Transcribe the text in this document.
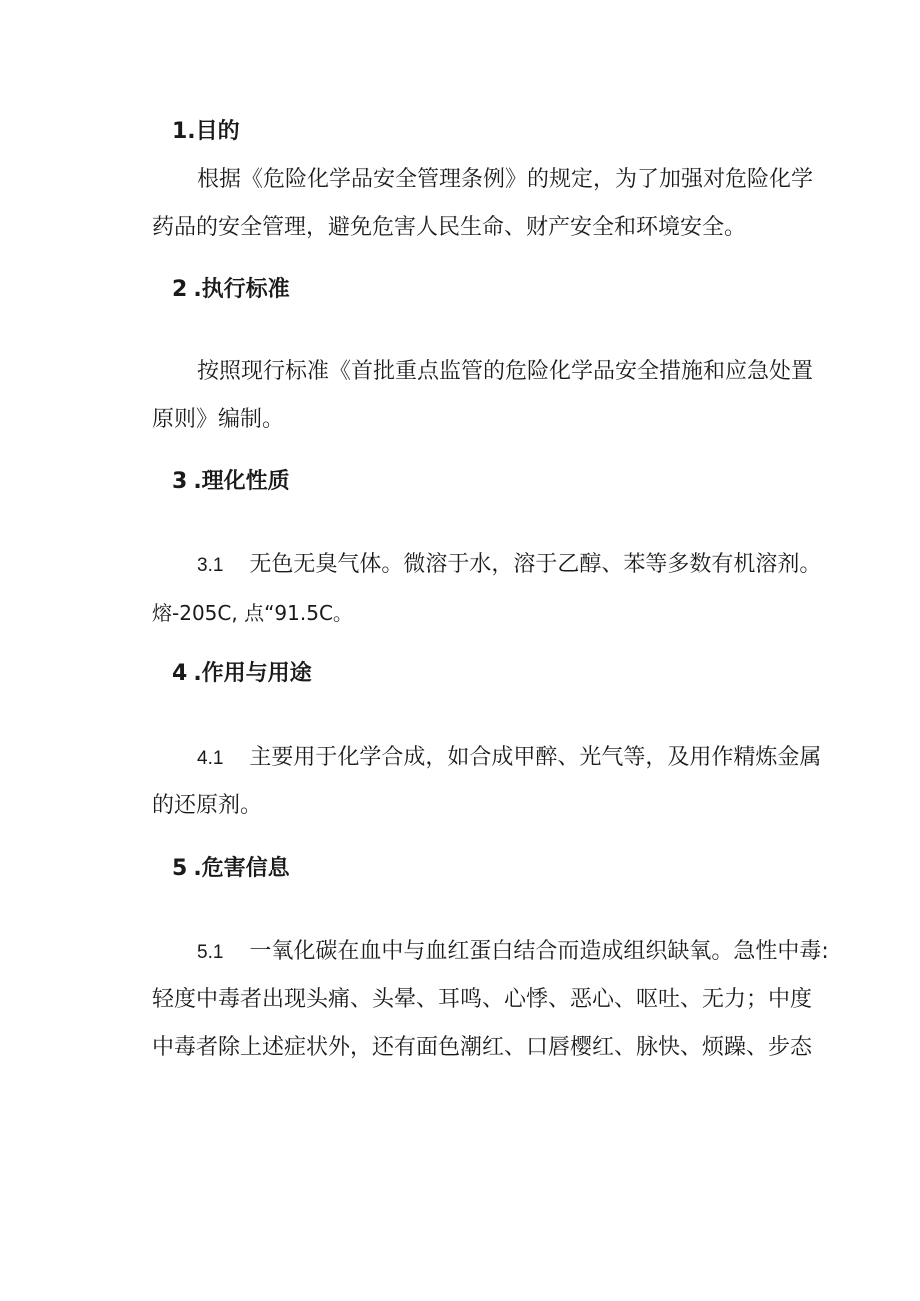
1.目的
根据《危险化学品安全管理条例》的规定，为了加强对危险化学
药品的安全管理，避免危害人民生命、财产安全和环境安全。
2 .执行标准
按照现行标准《首批重点监管的危险化学品安全措施和应急处置
原则》编制。
3 .理化性质
3.1 无色无臭气体。微溶于水，溶于乙醇、苯等多数有机溶剂。
熔-205C, 点“91.5C。
4 .作用与用途
4.1 主要用于化学合成，如合成甲醉、光气等，及用作精炼金属
的还原剂。
5 .危害信息
5.1 一氧化碳在血中与血红蛋白结合而造成组织缺氧。急性中毒:
轻度中毒者出现头痛、头晕、耳鸣、心悸、恶心、呕吐、无力；中度
中毒者除上述症状外，还有面色潮红、口唇樱红、脉快、烦躁、步态
